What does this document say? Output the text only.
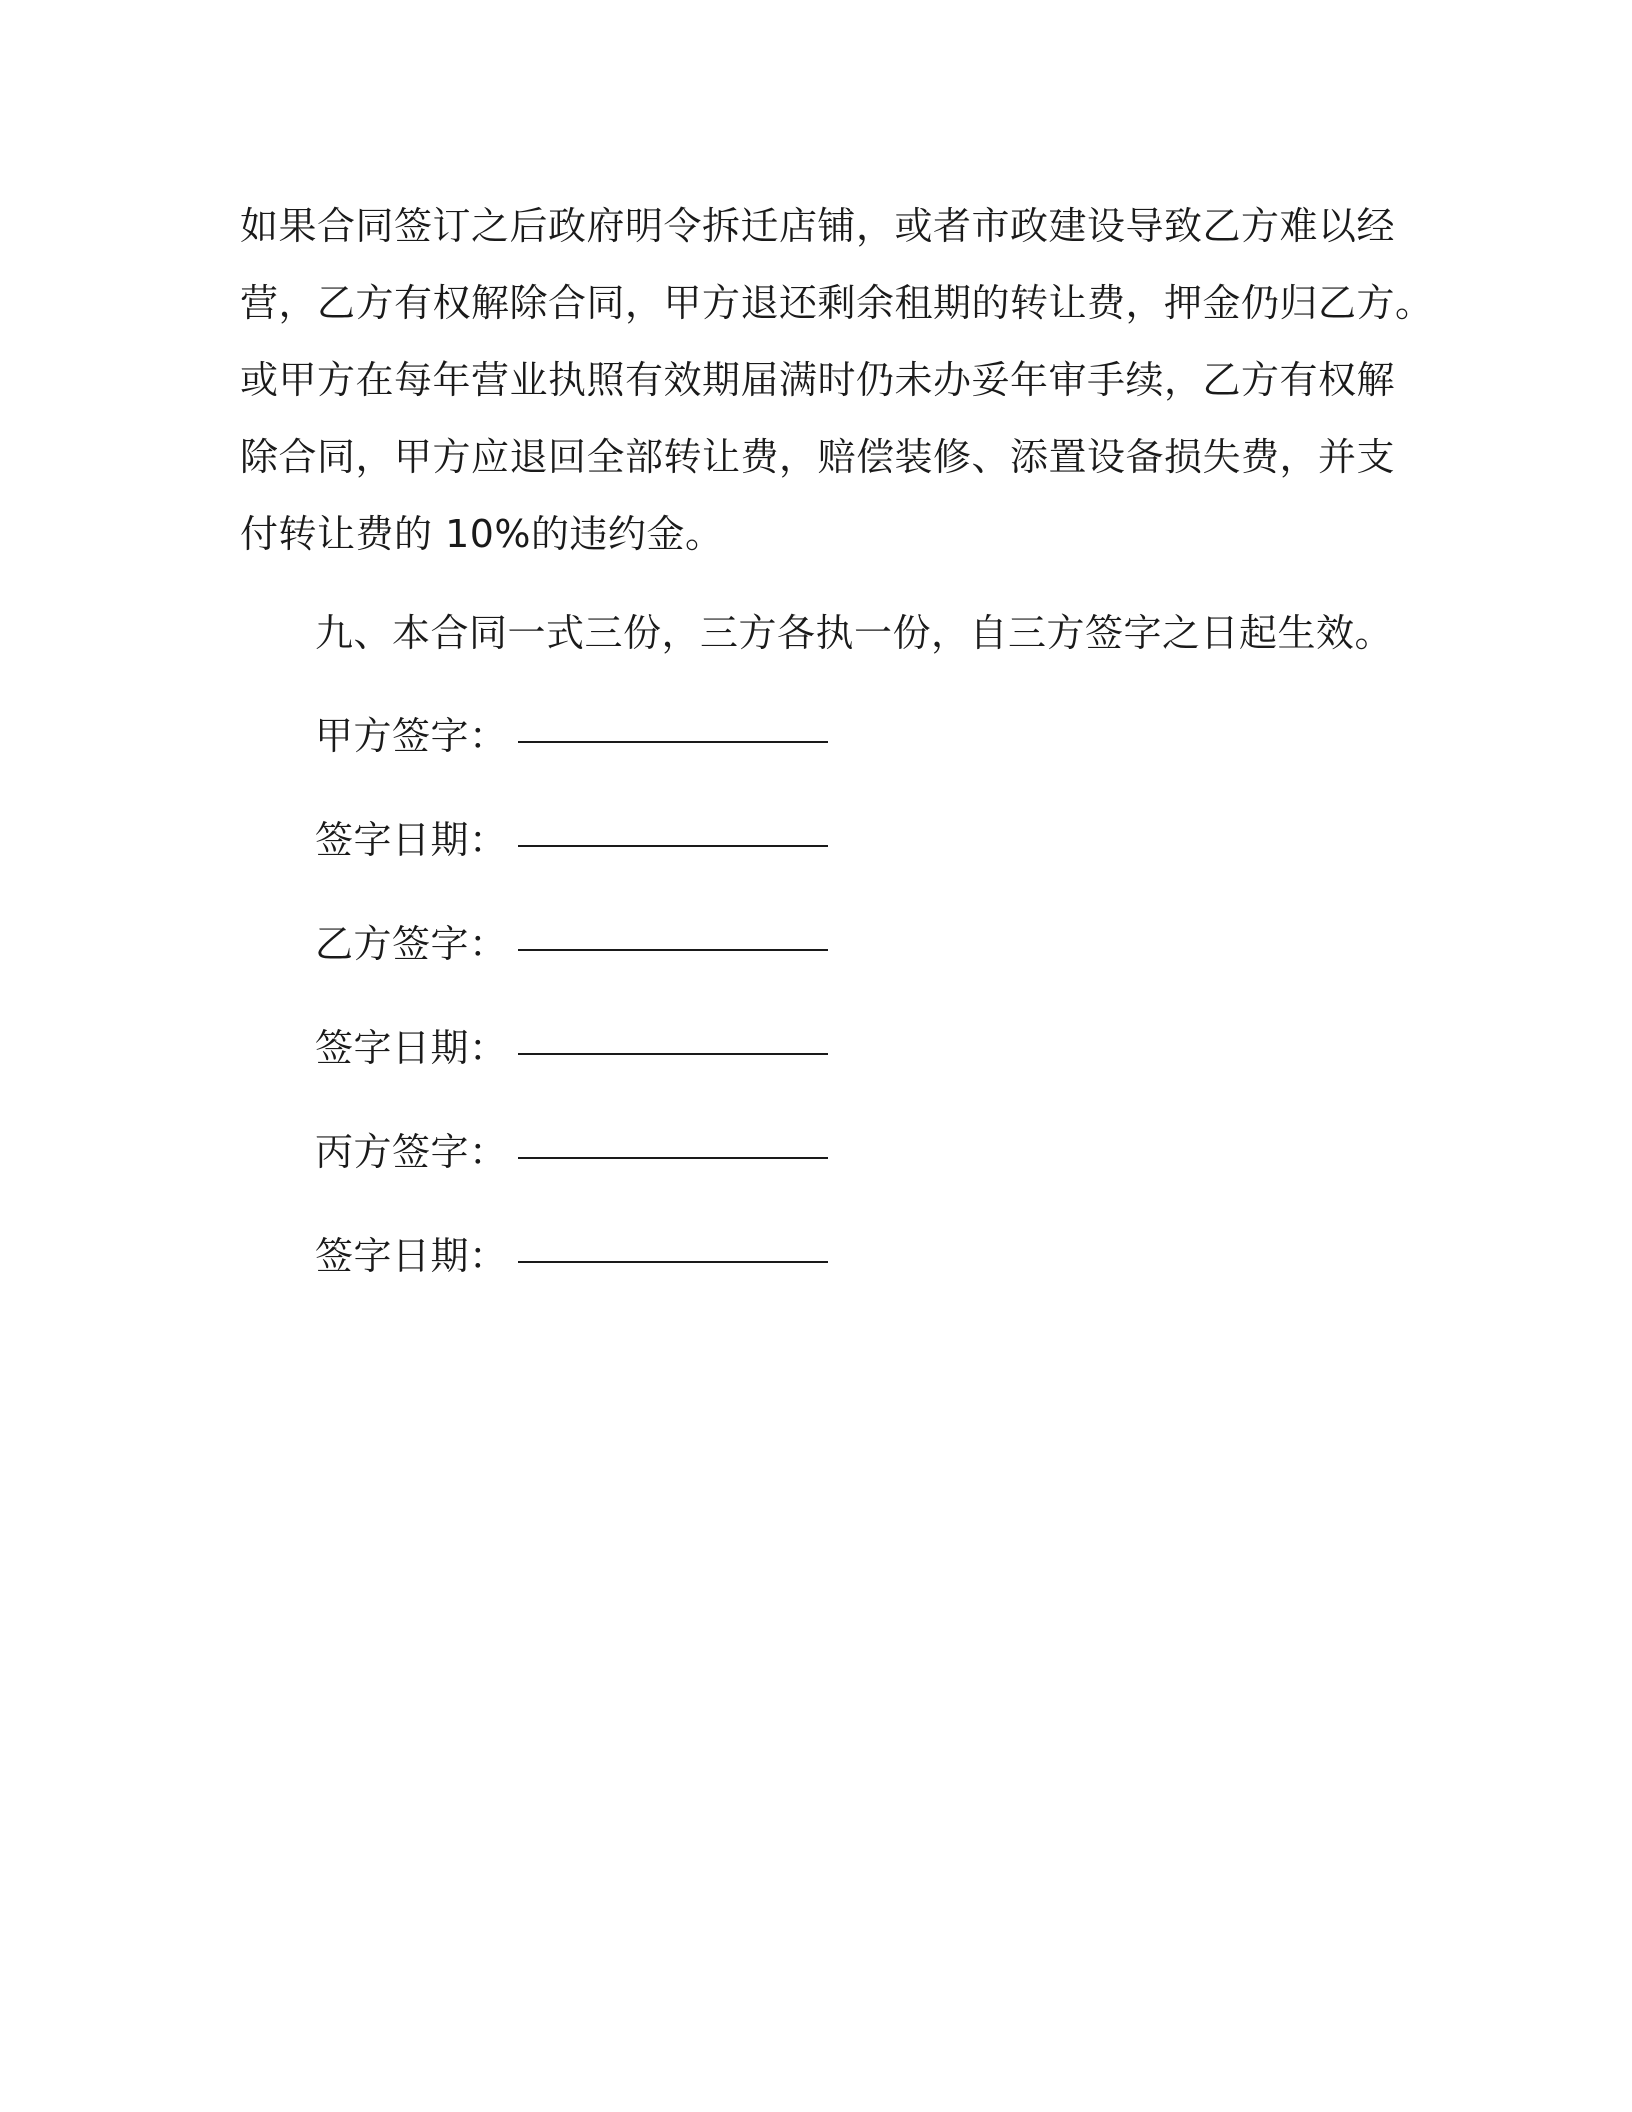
如果合同签订之后政府明令拆迁店铺，或者市政建设导致乙方难以经
营，乙方有权解除合同，甲方退还剩余租期的转让费，押金仍归乙方。
或甲方在每年营业执照有效期届满时仍未办妥年审手续，乙方有权解
除合同，甲方应退回全部转让费，赔偿装修、添置设备损失费，并支
付转让费的 10%的违约金。
九、本合同一式三份，三方各执一份，自三方签字之日起生效。
甲方签字：
签字日期：
乙方签字：
签字日期：
丙方签字：
签字日期：
